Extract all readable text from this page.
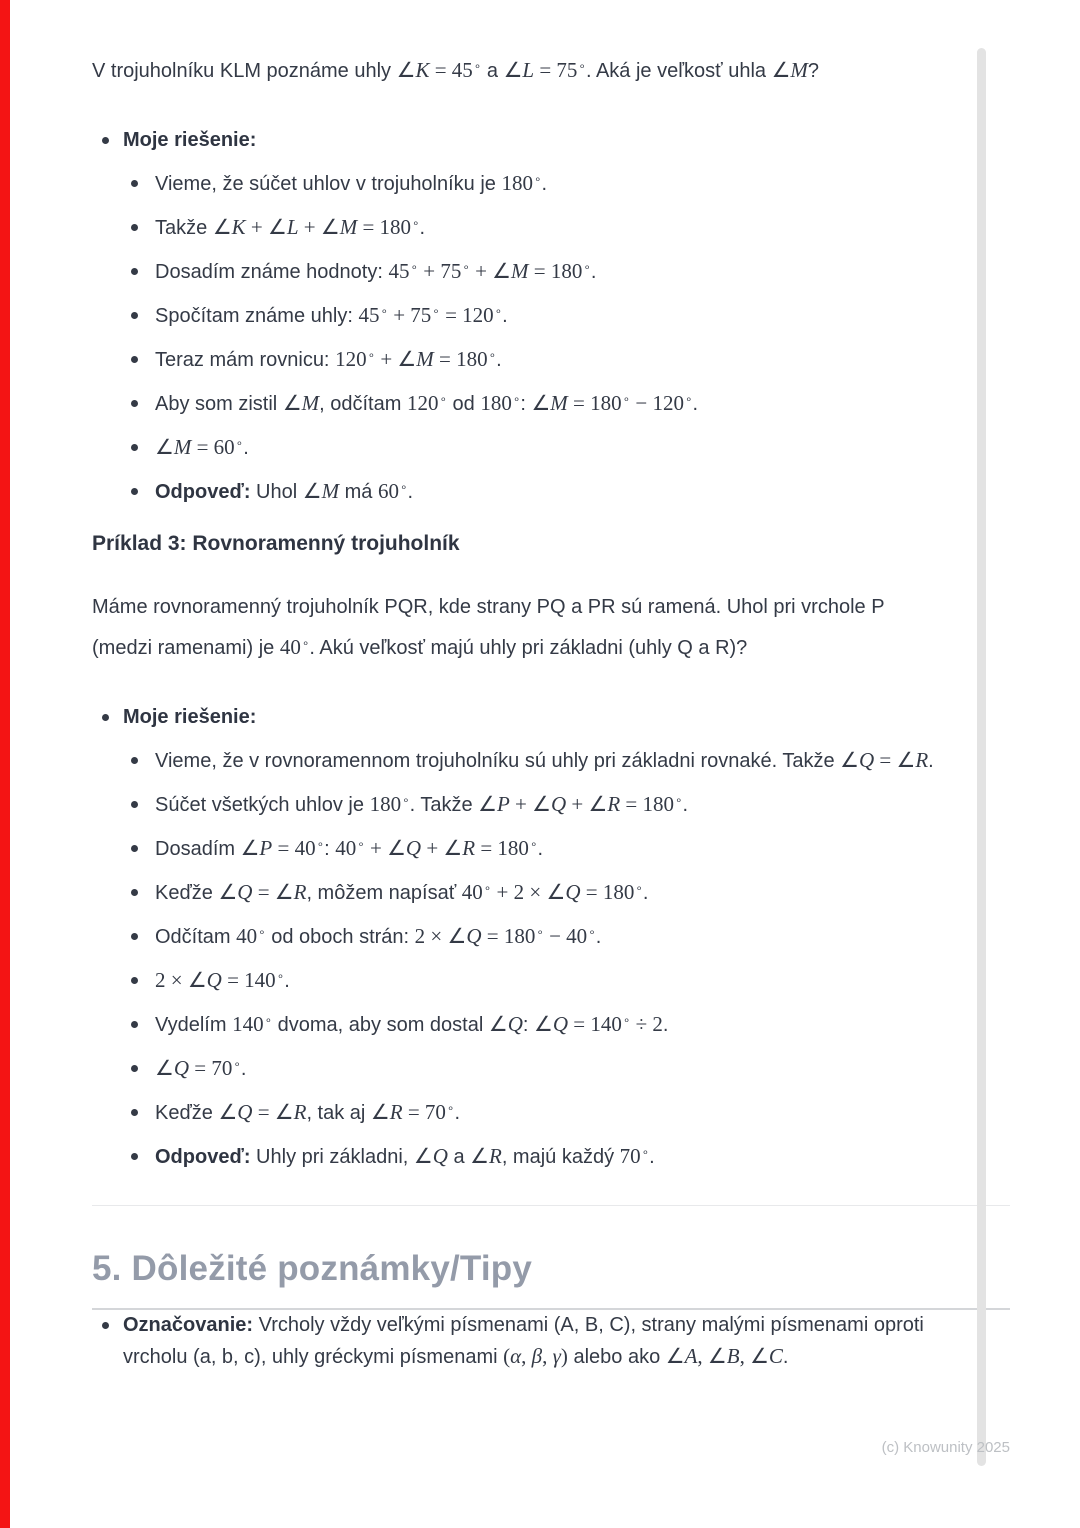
V trojuholníku KLM poznáme uhly ∠K = 45∘ a ∠L = 75∘. Aká je veľkosť uhla ∠M?

Moje riešenie:
Vieme, že súčet uhlov v trojuholníku je 180∘.
Takže ∠K + ∠L + ∠M = 180∘.
Dosadím známe hodnoty: 45∘ + 75∘ + ∠M = 180∘.
Spočítam známe uhly: 45∘ + 75∘ = 120∘.
Teraz mám rovnicu: 120∘ + ∠M = 180∘.
Aby som zistil ∠M, odčítam 120∘ od 180∘: ∠M = 180∘ − 120∘.
∠M = 60∘.
Odpoveď: Uhol ∠M má 60∘.
Príklad 3: Rovnoramenný trojuholník

Máme rovnoramenný trojuholník PQR, kde strany PQ a PR sú ramená. Uhol pri vrchole P (medzi ramenami) je 40∘. Akú veľkosť majú uhly pri základni (uhly Q a R)?

Moje riešenie:
Vieme, že v rovnoramennom trojuholníku sú uhly pri základni rovnaké. Takže ∠Q = ∠R.
Súčet všetkých uhlov je 180∘. Takže ∠P + ∠Q + ∠R = 180∘.
Dosadím ∠P = 40∘: 40∘ + ∠Q + ∠R = 180∘.
Keďže ∠Q = ∠R, môžem napísať 40∘ + 2 × ∠Q = 180∘.
Odčítam 40∘ od oboch strán: 2 × ∠Q = 180∘ − 40∘.
2 × ∠Q = 140∘.
Vydelím 140∘ dvoma, aby som dostal ∠Q: ∠Q = 140∘ ÷ 2.
∠Q = 70∘.
Keďže ∠Q = ∠R, tak aj ∠R = 70∘.
Odpoveď: Uhly pri základni, ∠Q a ∠R, majú každý 70∘.
5. Dôležité poznámky/Tipy
Označovanie: Vrcholy vždy veľkými písmenami (A, B, C), strany malými písmenami oproti vrcholu (a, b, c), uhly gréckymi písmenami (α, β, γ) alebo ako ∠A, ∠B, ∠C.
(c) Knowunity 2025
